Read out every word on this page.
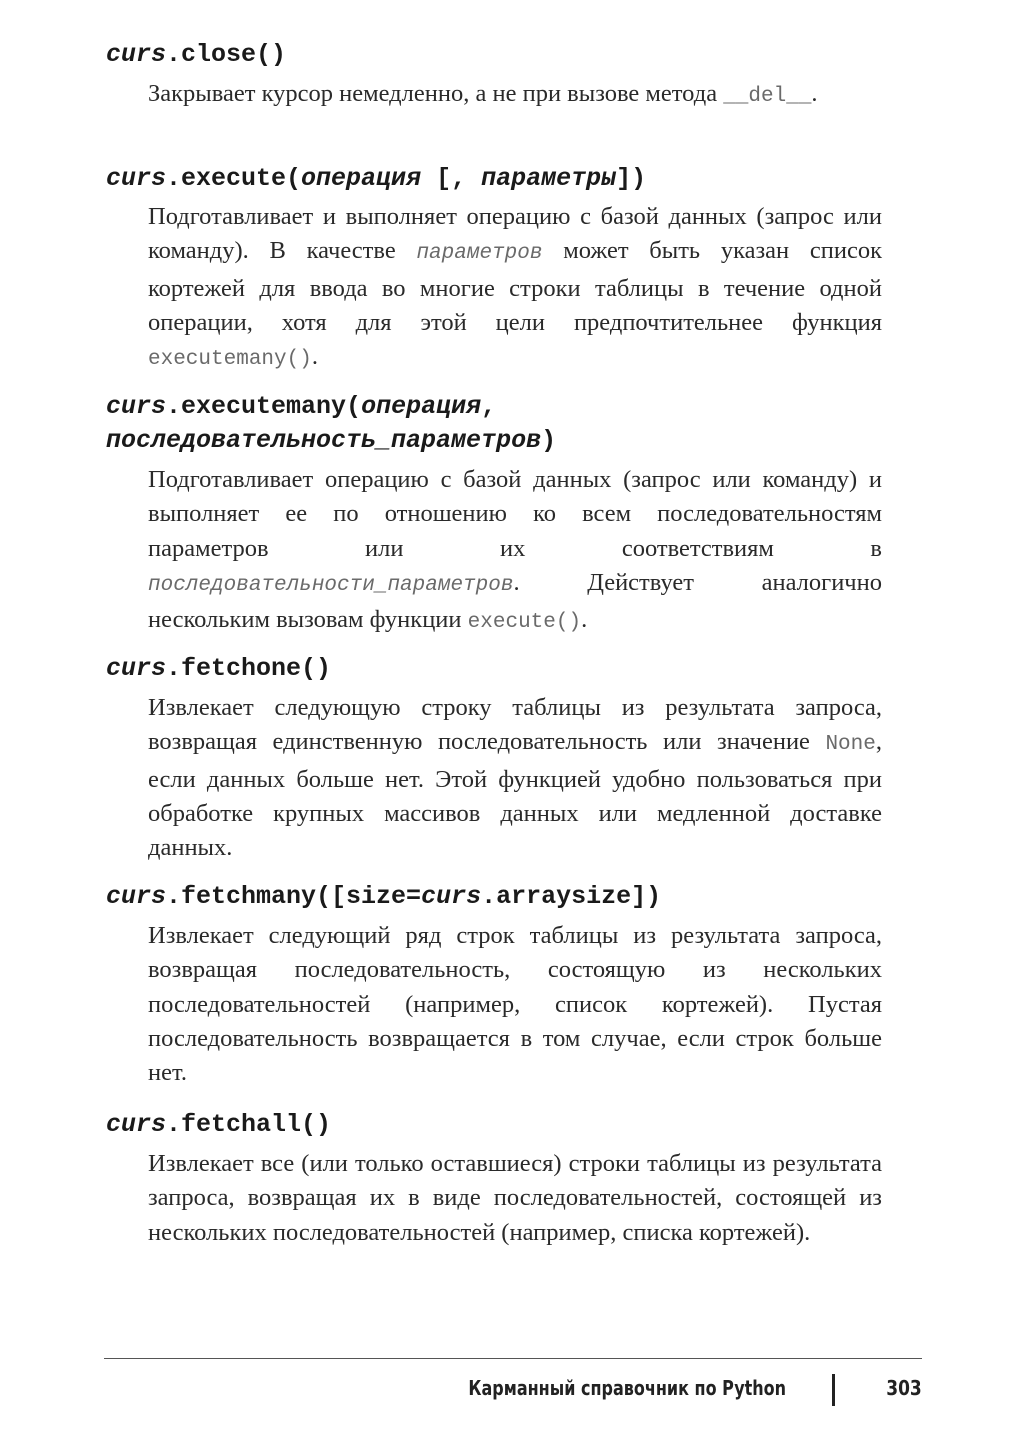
curs.close()

Закрывает курсор немедленно, а не при вызове метода __del__.

curs.execute(операция [, параметры])

Подготавливает и выполняет операцию с базой данных (запрос или команду). В качестве параметров может быть указан список кортежей для ввода во многие строки таблицы в течение одной операции, хотя для этой цели предпочтительнее функция executemany().

curs.executemany(операция,

последовательность_параметров)

Подготавливает операцию с базой данных (запрос или команду) и выполняет ее по отношению ко всем последовательностям параметров или их соответствиям в последовательности_параметров. Действует аналогично нескольким вызовам функции execute().

curs.fetchone()

Извлекает следующую строку таблицы из результата запроса, возвращая единственную последовательность или значение None, если данных больше нет. Этой функцией удобно пользоваться при обработке крупных массивов данных или медленной доставке данных.

curs.fetchmany([size=curs.arraysize])

Извлекает следующий ряд строк таблицы из результата запроса, возвращая последовательность, состоящую из нескольких последовательностей (например, список кортежей). Пустая последовательность возвращается в том случае, если строк больше нет.

curs.fetchall()

Извлекает все (или только оставшиеся) строки таблицы из результата запроса, возвращая их в виде последовательностей, состоящей из нескольких последовательностей (например, списка кортежей).

Карманный справочник по Python	303
